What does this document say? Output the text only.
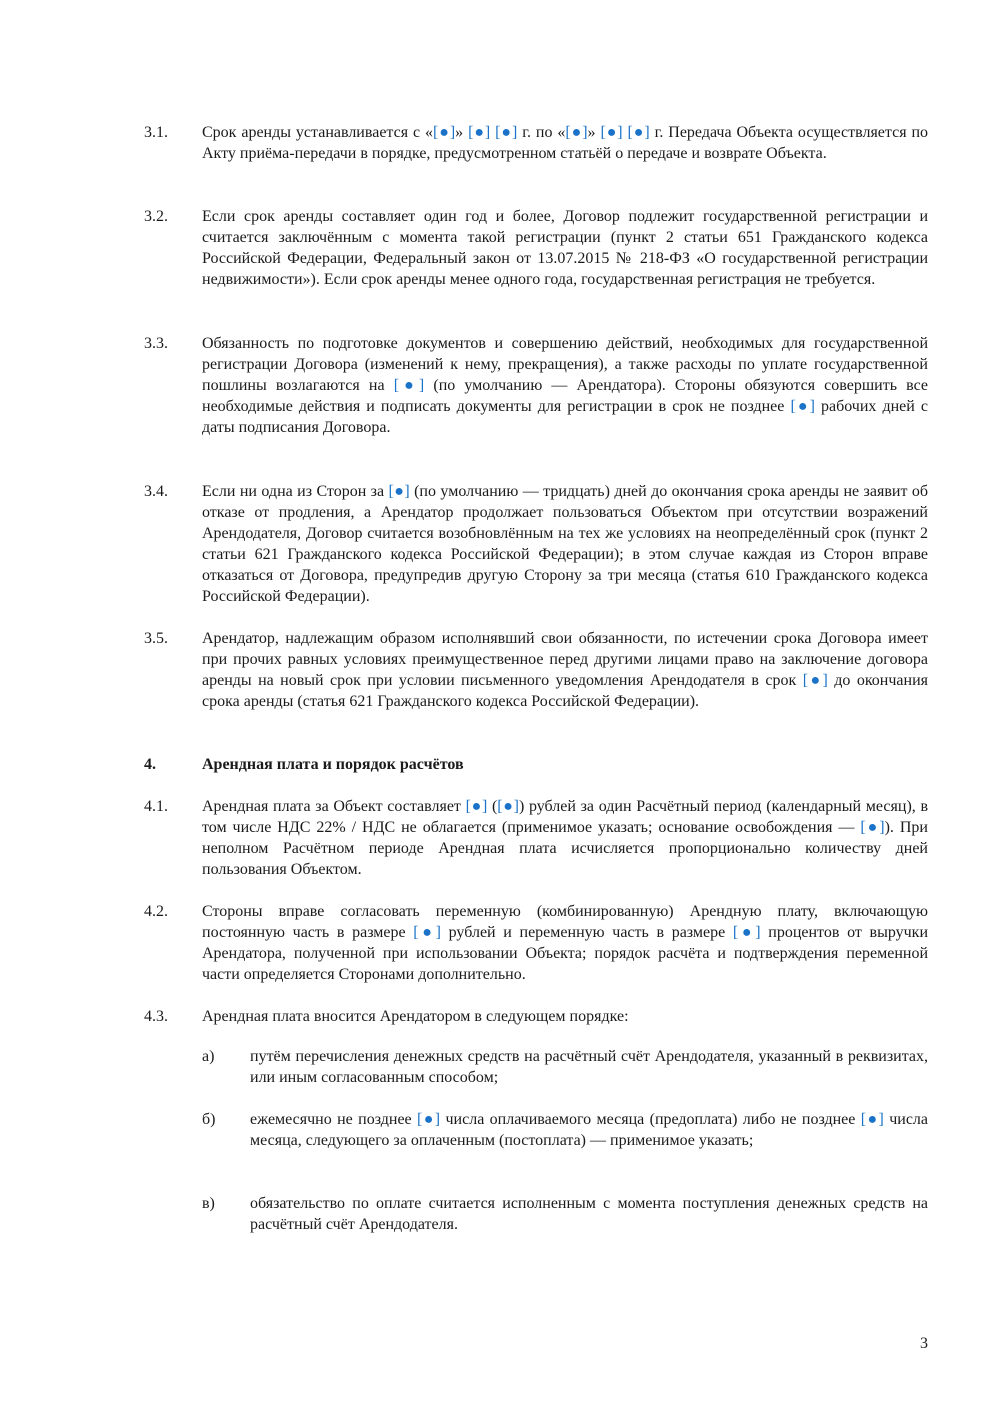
3.1. Срок аренды устанавливается с «[●]» [●] [●] г. по «[●]» [●] [●] г. Передача Объекта осуществляется по Акту приёма-передачи в порядке, предусмотренном статьёй о передаче и возврате Объекта.
3.2. Если срок аренды составляет один год и более, Договор подлежит государственной регистрации и считается заключённым с момента такой регистрации (пункт 2 статьи 651 Гражданского кодекса Российской Федерации, Федеральный закон от 13.07.2015 № 218-ФЗ «О государственной регистрации недвижимости»). Если срок аренды менее одного года, государственная регистрация не требуется.
3.3. Обязанность по подготовке документов и совершению действий, необходимых для государственной регистрации Договора (изменений к нему, прекращения), а также расходы по уплате государственной пошлины возлагаются на [●] (по умолчанию — Арендатора). Стороны обязуются совершить все необходимые действия и подписать документы для регистрации в срок не позднее [●] рабочих дней с даты подписания Договора.
3.4. Если ни одна из Сторон за [●] (по умолчанию — тридцать) дней до окончания срока аренды не заявит об отказе от продления, а Арендатор продолжает пользоваться Объектом при отсутствии возражений Арендодателя, Договор считается возобновлённым на тех же условиях на неопределённый срок (пункт 2 статьи 621 Гражданского кодекса Российской Федерации); в этом случае каждая из Сторон вправе отказаться от Договора, предупредив другую Сторону за три месяца (статья 610 Гражданского кодекса Российской Федерации).
3.5. Арендатор, надлежащим образом исполнявший свои обязанности, по истечении срока Договора имеет при прочих равных условиях преимущественное перед другими лицами право на заключение договора аренды на новый срок при условии письменного уведомления Арендодателя в срок [●] до окончания срока аренды (статья 621 Гражданского кодекса Российской Федерации).
4.	Арендная плата и порядок расчётов
4.1. Арендная плата за Объект составляет [●] ([●]) рублей за один Расчётный период (календарный месяц), в том числе НДС 22% / НДС не облагается (применимое указать; основание освобождения — [●]). При неполном Расчётном периоде Арендная плата исчисляется пропорционально количеству дней пользования Объектом.
4.2. Стороны вправе согласовать переменную (комбинированную) Арендную плату, включающую постоянную часть в размере [●] рублей и переменную часть в размере [●] процентов от выручки Арендатора, полученной при использовании Объекта; порядок расчёта и подтверждения переменной части определяется Сторонами дополнительно.
4.3. Арендная плата вносится Арендатором в следующем порядке:
а) путём перечисления денежных средств на расчётный счёт Арендодателя, указанный в реквизитах, или иным согласованным способом;
б) ежемесячно не позднее [●] числа оплачиваемого месяца (предоплата) либо не позднее [●] числа месяца, следующего за оплаченным (постоплата) — применимое указать;
в) обязательство по оплате считается исполненным с момента поступления денежных средств на расчётный счёт Арендодателя.
3
